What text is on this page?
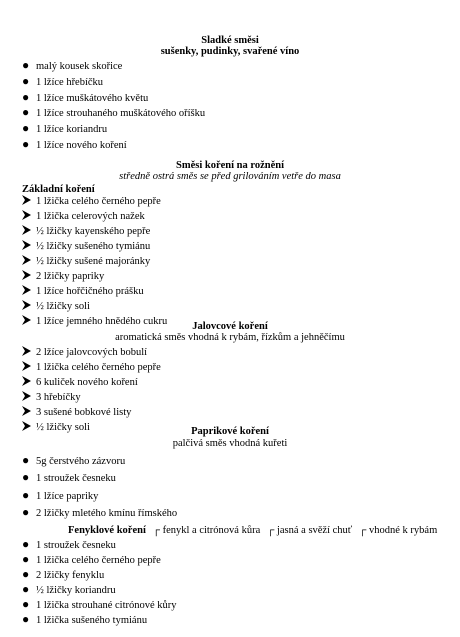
Sladké směsi
sušenky, pudinky, svařené víno
● malý kousek skořice
● 1 lžíce hřebíčku
● 1 lžíce muškátového květu
● 1 lžíce strouhaného muškátového oříšku
● 1 lžíce koriandru
● 1 lžíce nového koření
Směsi koření na rožnění
středně ostrá směs se před grilováním vetře do masa
Základní koření
1 lžička celého černého pepře
1 lžička celerových nažek
½ lžičky kayenského pepře
½ lžičky sušeného tymiánu
½ lžičky sušené majoránky
2 lžičky papriky
1 lžíce hořčičného prášku
½ lžičky soli
1 lžíce jemného hnědého cukru	Jalovcové koření
aromatická směs vhodná k rybám, řízkům a jehněčímu
2 lžíce jalovcových bobulí
1 lžička celého černého pepře
6 kuliček nového koření
3 hřebíčky
3 sušené bobkové listy
½ lžičky soli	Paprikové koření
palčivá směs vhodná kuřeti
● 5g čerstvého zázvoru
● 1 stroužek česneku
● 1 lžíce papriky
● 2 lžičky mletého kmínu římského
Fenyklové koření ┌ fenykl a citrónová kůra ┌ jasná a svěží chuť ┌ vhodné k rybám
● 1 stroužek česneku
● 1 lžička celého černého pepře
● 2 lžičky fenyklu
● ½ lžičky koriandru
● 1 lžička strouhané citrónové kůry
● 1 lžička sušeného tymiánu
